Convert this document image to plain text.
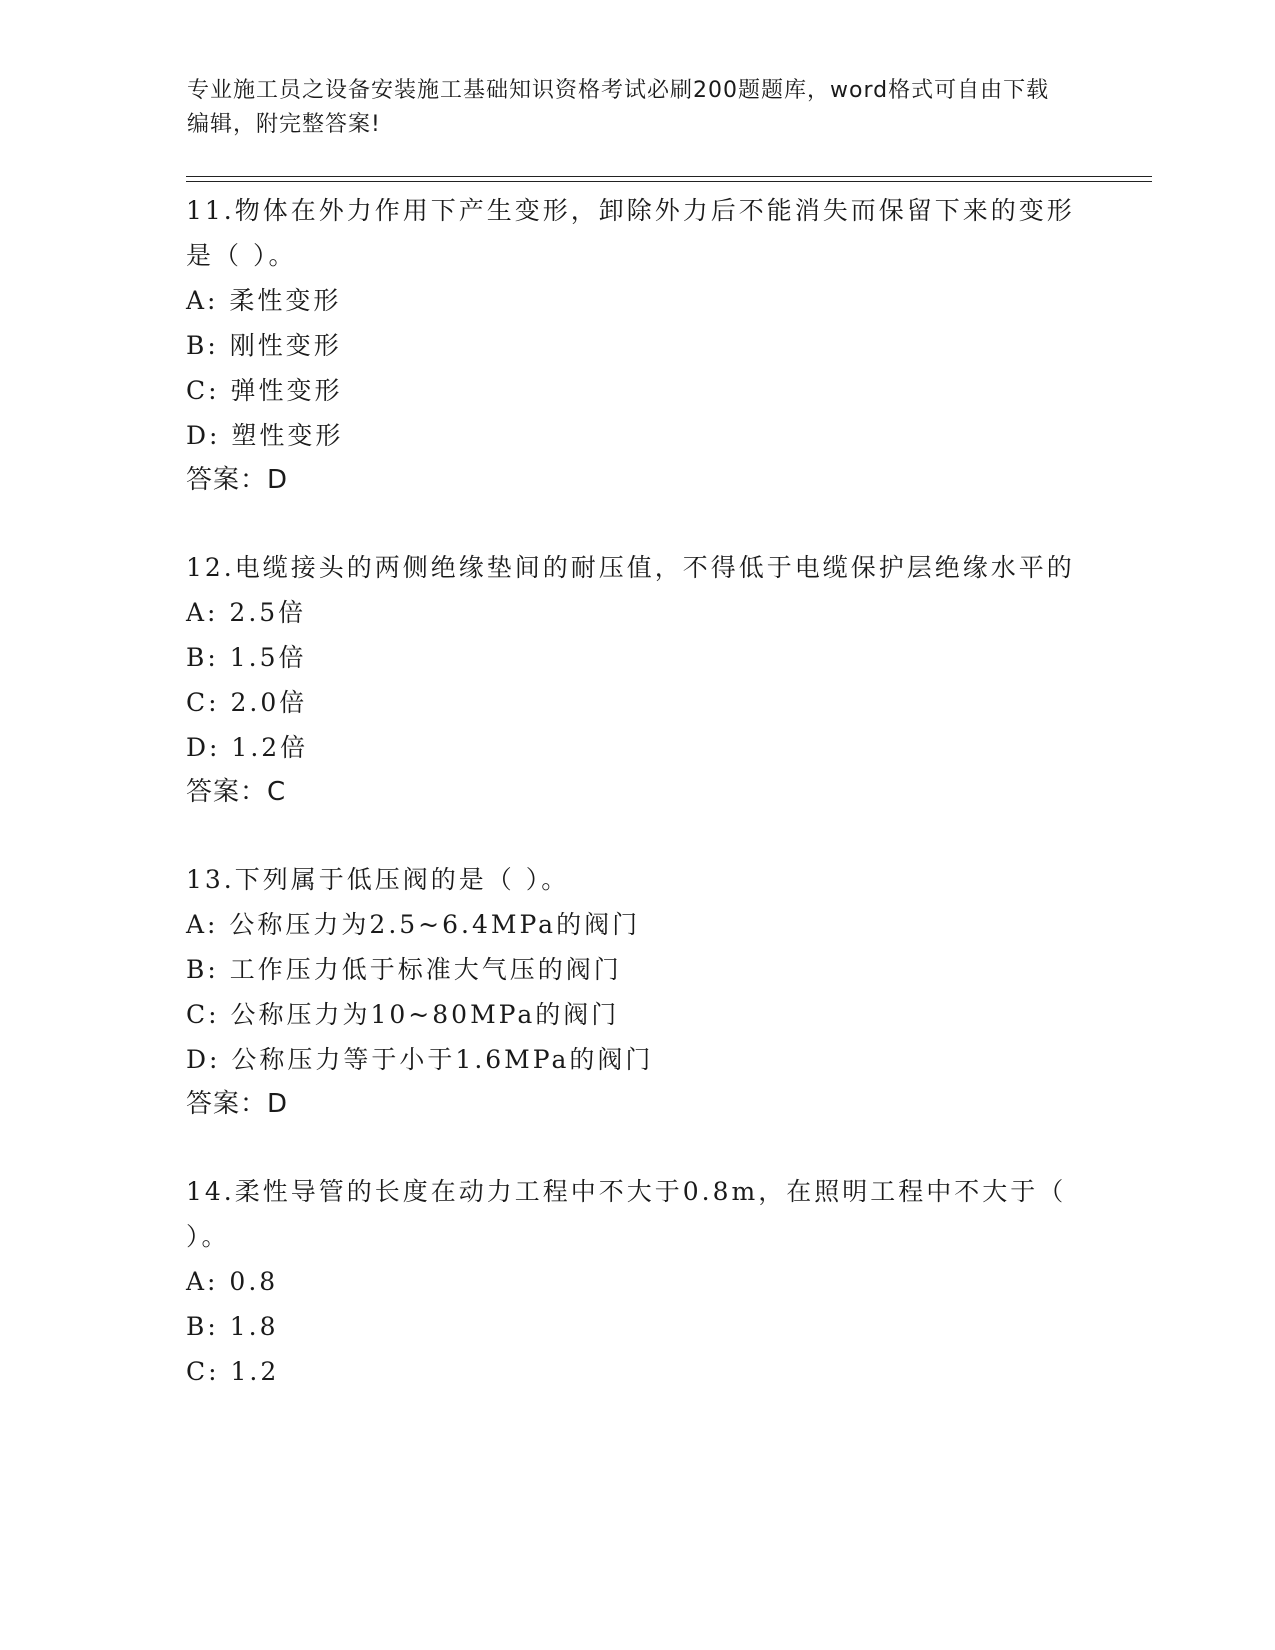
专业施工员之设备安装施工基础知识资格考试必刷200题题库，word格式可自由下载编辑，附完整答案!

11.物体在外力作用下产生变形，卸除外力后不能消失而保留下来的变形是（ ）。

A: 柔性变形

B: 刚性变形

C: 弹性变形

D: 塑性变形

答案：D

12.电缆接头的两侧绝缘垫间的耐压值，不得低于电缆保护层绝缘水平的

A: 2.5倍

B: 1.5倍

C: 2.0倍

D: 1.2倍

答案：C

13.下列属于低压阀的是（ ）。

A: 公称压力为2.5~6.4MPa的阀门

B: 工作压力低于标准大气压的阀门

C: 公称压力为10~80MPa的阀门

D: 公称压力等于小于1.6MPa的阀门

答案：D

14.柔性导管的长度在动力工程中不大于0.8m，在照明工程中不大于（ ）。

A: 0.8

B: 1.8

C: 1.2
